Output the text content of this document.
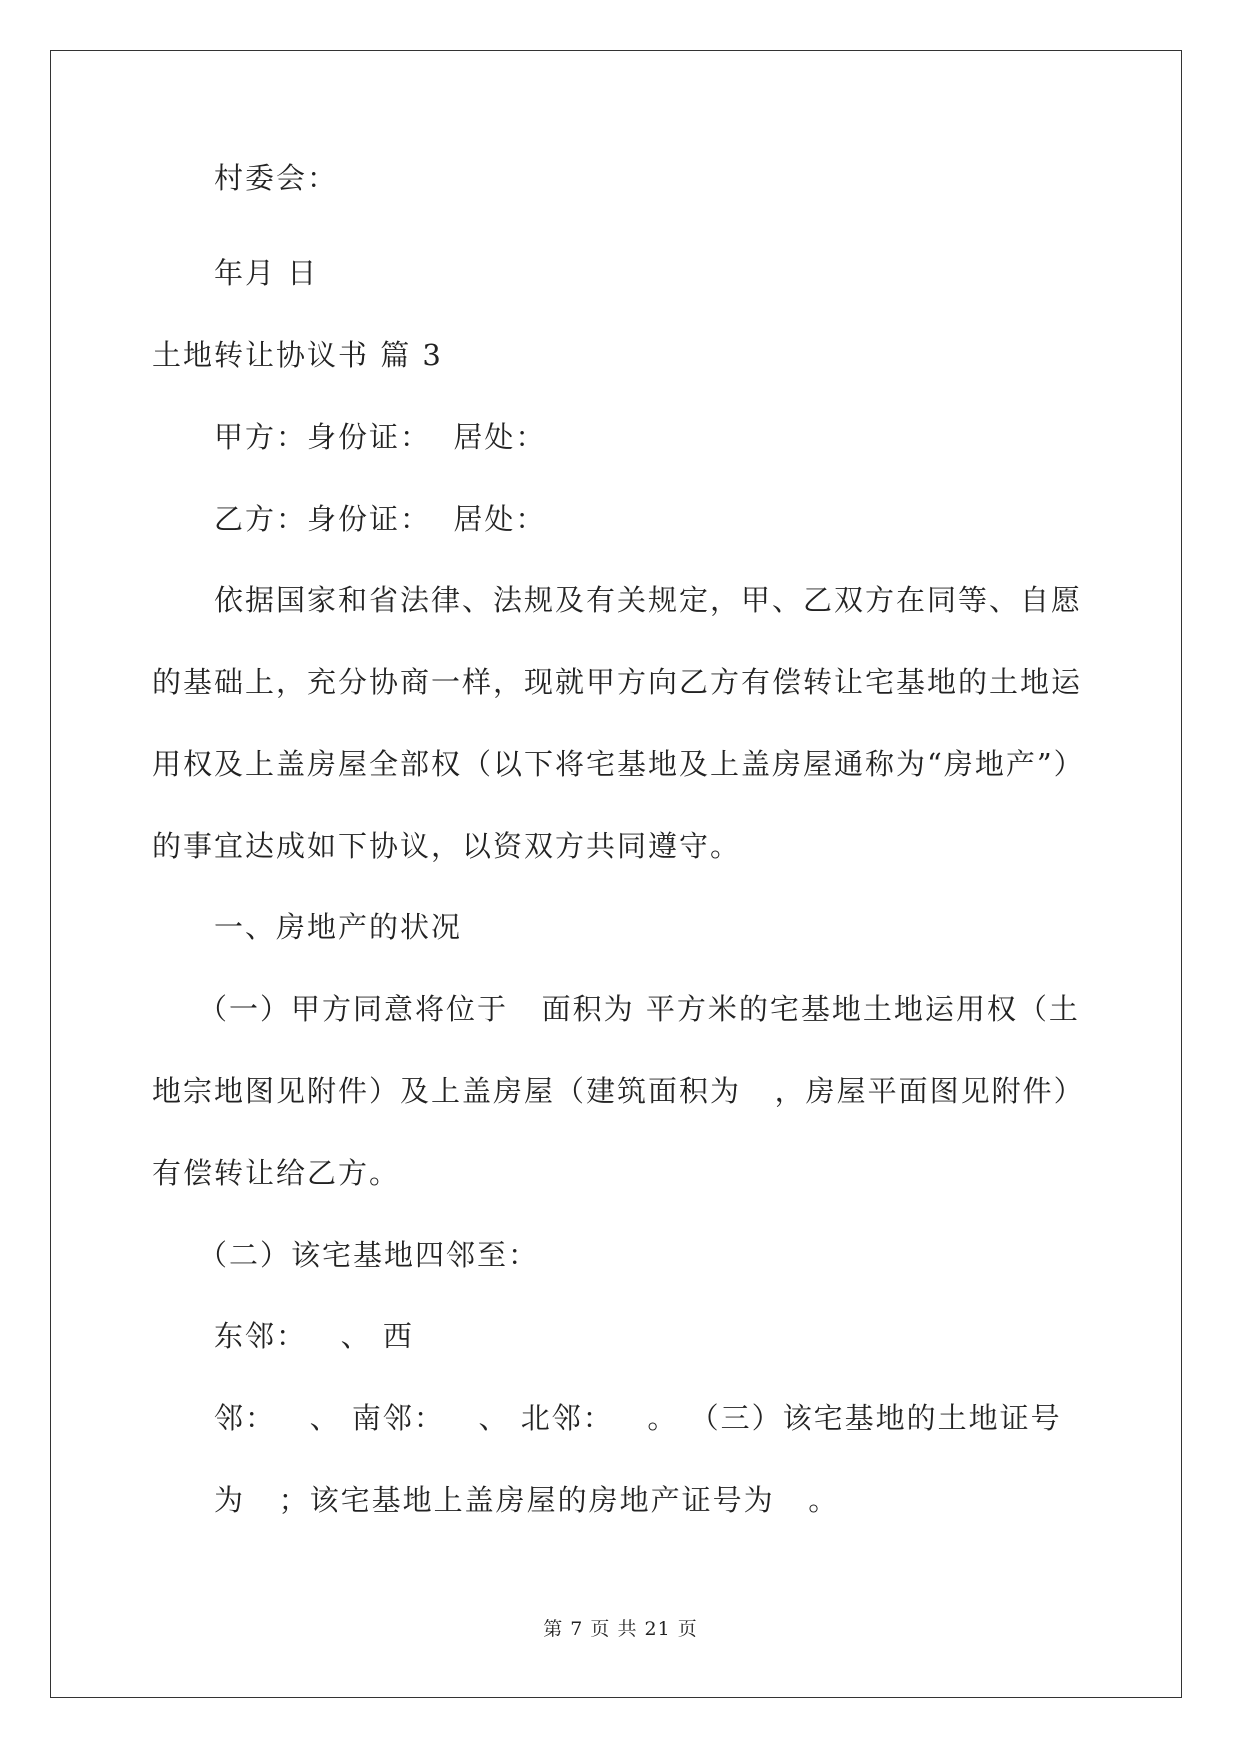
村委会：
年月 日
土地转让协议书 篇 3
甲方：身份证：  居处：
乙方：身份证：  居处：
依据国家和省法律、法规及有关规定，甲、乙双方在同等、自愿
的基础上，充分协商一样，现就甲方向乙方有偿转让宅基地的土地运
用权及上盖房屋全部权（以下将宅基地及上盖房屋通称为“房地产”）
的事宜达成如下协议，以资双方共同遵守。
一、房地产的状况
（一）甲方同意将位于   面积为 平方米的宅基地土地运用权（土
地宗地图见附件）及上盖房屋（建筑面积为   ，房屋平面图见附件）
有偿转让给乙方。
（二）该宅基地四邻至：
东邻：   、 西
邻：   、 南邻：   、 北邻：   。 （三）该宅基地的土地证号
为   ；该宅基地上盖房屋的房地产证号为   。
第 7 页 共 21 页
